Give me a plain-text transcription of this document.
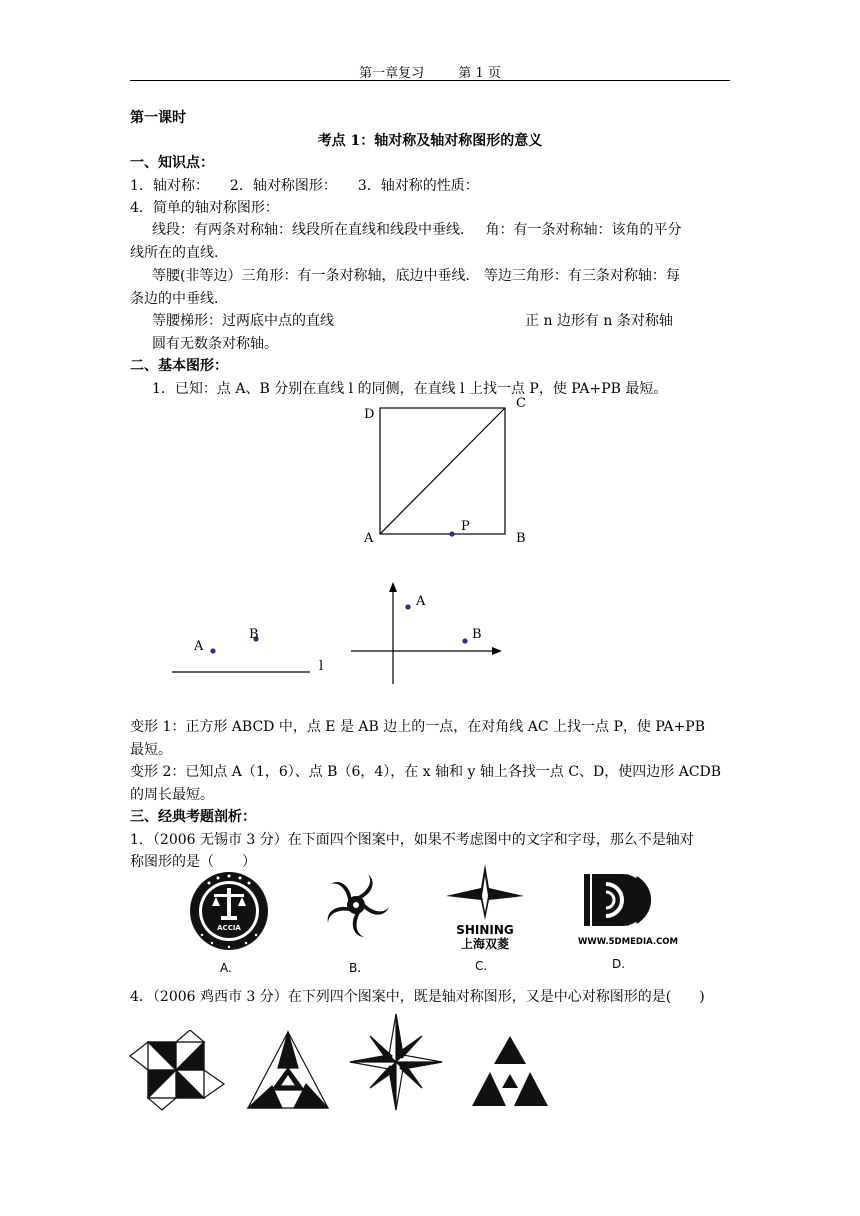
第一章复习	第 1 页
第一课时
考点 1：轴对称及轴对称图形的意义
一、知识点：
1．轴对称：　　2．轴对称图形：　　3．轴对称的性质：
4．简单的轴对称图形：
线段：有两条对称轴：线段所在直线和线段中垂线．　 角：有一条对称轴：该角的平分
线所在的直线．
等腰(非等边）三角形：有一条对称轴，底边中垂线． 等边三角形：有三条对称轴：每
条边的中垂线．
等腰梯形：过两底中点的直线	正 n 边形有 n 条对称轴
圆有无数条对称轴。
二、基本图形：
1．已知：点 A、B 分别在直线 l 的同侧，在直线 l 上找一点 P，使 PA+PB 最短。
D
C
A	B
P
A
B
l
A
B
变形 1：正方形 ABCD 中，点 E 是 AB 边上的一点，在对角线 AC 上找一点 P，使 PA+PB
最短。
变形 2：已知点 A（1，6）、点 B（6，4），在 x 轴和 y 轴上各找一点 C、D，使四边形 ACDB
的周长最短。
三、经典考题剖析：
1．（2006 无锡市 3 分）在下面四个图案中，如果不考虑图中的文字和字母，那么不是轴对
称图形的是（　　）
ACCIA
A.	B.
SHINING
上海双菱
C.
WWW.5DMEDIA.COM
D.
4．（2006 鸡西市 3 分）在下列四个图案中，既是轴对称图形，又是中心对称图形的是(　　)
